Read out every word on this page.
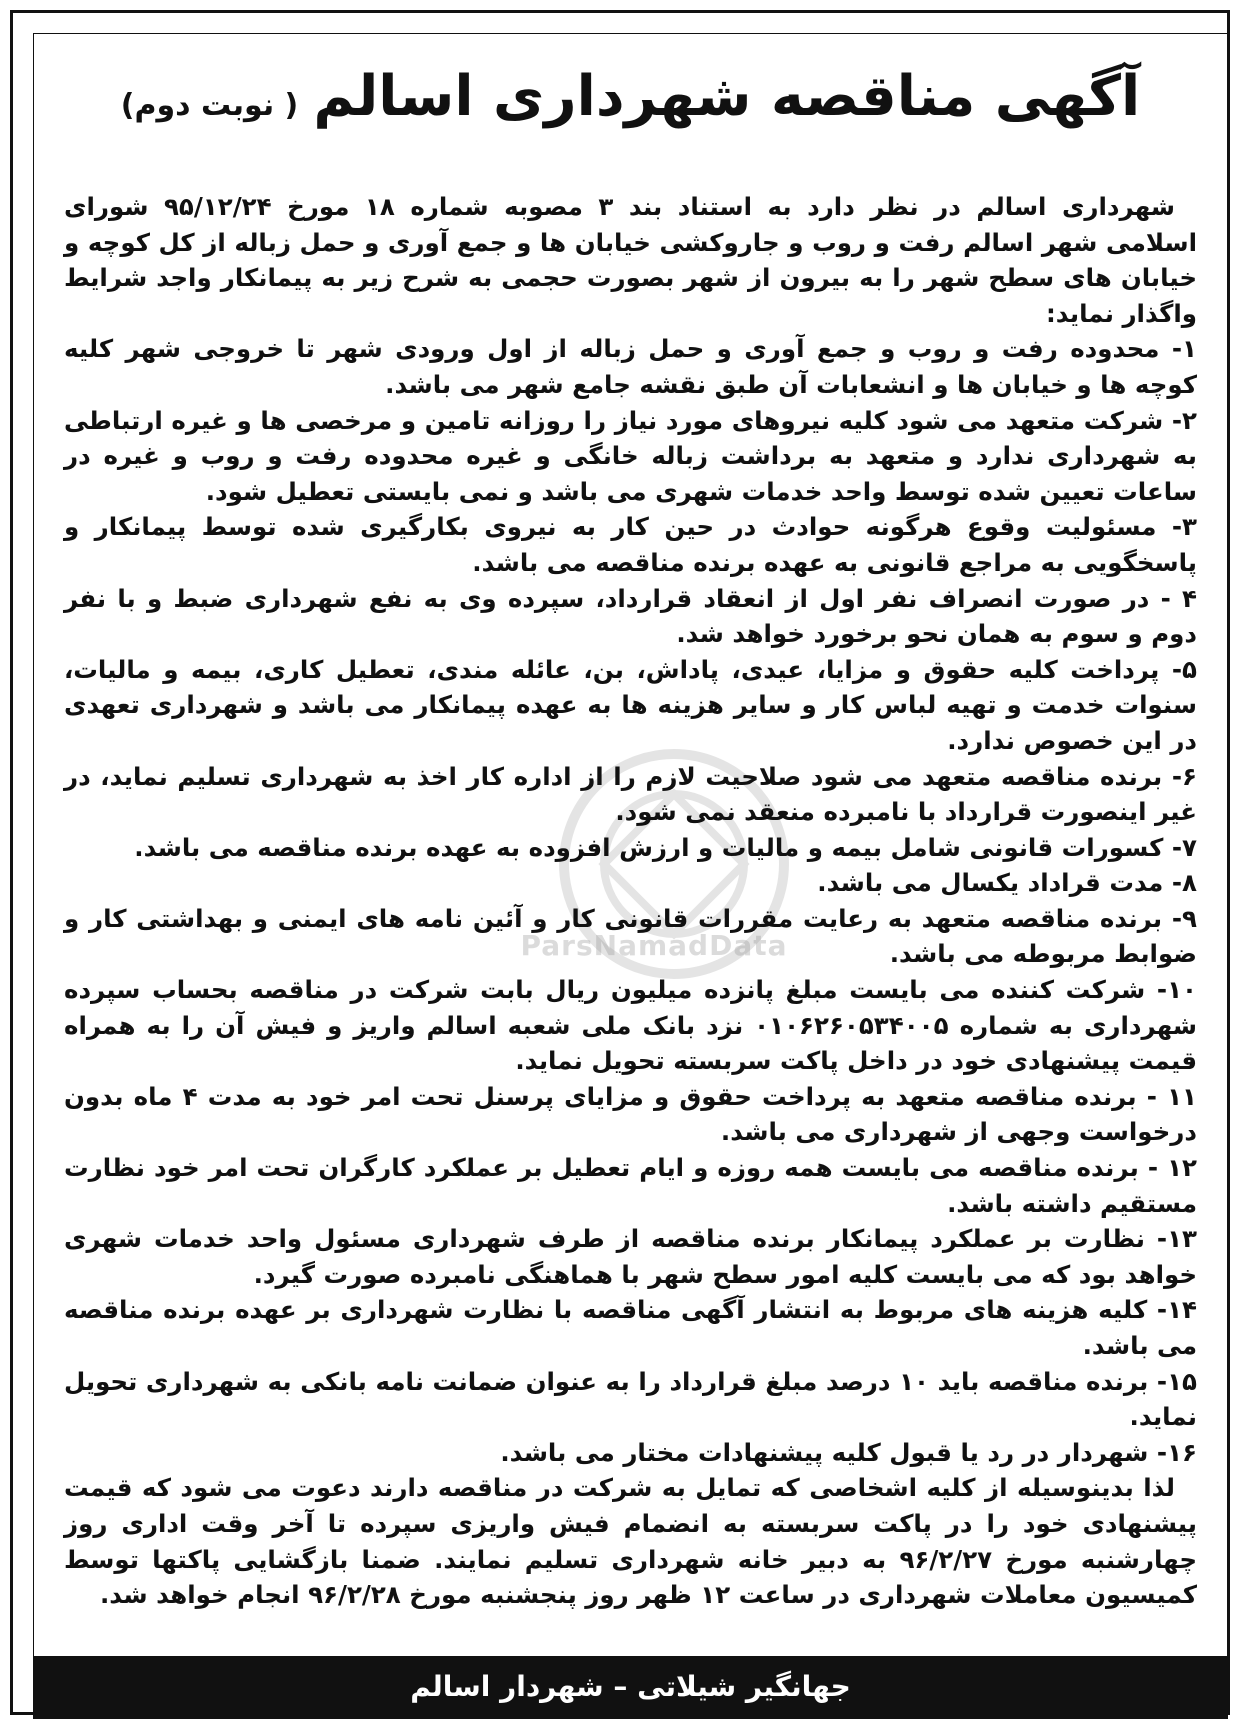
آگهی مناقصه شهرداری اسالم ( نوبت دوم)
ParsNamadData

شهرداری اسالم در نظر دارد به استناد بند ۳ مصوبه شماره ۱۸ مورخ ۹۵/۱۲/۲۴ شورای اسلامی شهر اسالم رفت و روب و جاروکشی خیابان ها و جمع آوری و حمل زباله از کل کوچه و خیابان های سطح شهر را به بیرون از شهر بصورت حجمی به شرح زیر به پیمانکار واجد شرایط واگذار نماید:

۱- محدوده رفت و روب و جمع آوری و حمل زباله از اول ورودی شهر تا خروجی شهر کلیه کوچه ها و خیابان ها و انشعابات آن طبق نقشه جامع شهر می باشد.

۲- شرکت متعهد می شود کلیه نیروهای مورد نیاز را روزانه تامین و مرخصی ها و غیره ارتباطی به شهرداری ندارد و متعهد به برداشت زباله خانگی و غیره محدوده رفت و روب و غیره در ساعات تعیین شده توسط واحد خدمات شهری می باشد و نمی بایستی تعطیل شود.

۳- مسئولیت وقوع هرگونه حوادث در حین کار به نیروی بکارگیری شده توسط پیمانکار و پاسخگویی به مراجع قانونی به عهده برنده مناقصه می باشد.

۴ - در صورت انصراف نفر اول از انعقاد قرارداد، سپرده وی به نفع شهرداری ضبط و با نفر دوم و سوم به همان نحو برخورد خواهد شد.

۵- پرداخت کلیه حقوق و مزایا، عیدی، پاداش، بن، عائله مندی، تعطیل کاری، بیمه و مالیات، سنوات خدمت و تهیه لباس کار و سایر هزینه ها به عهده پیمانکار می باشد و شهرداری تعهدی در این خصوص ندارد.

۶- برنده مناقصه متعهد می شود صلاحیت لازم را از اداره کار اخذ به شهرداری تسلیم نماید، در غیر اینصورت قرارداد با نامبرده منعقد نمی شود.

۷- کسورات قانونی شامل بیمه و مالیات و ارزش افزوده به عهده برنده مناقصه می باشد.

۸- مدت قراداد یکسال می باشد.

۹- برنده مناقصه متعهد به رعایت مقررات قانونی کار و آئین نامه های ایمنی و بهداشتی کار و ضوابط مربوطه می باشد.

۱۰- شرکت کننده می بایست مبلغ پانزده میلیون ریال بابت شرکت در مناقصه بحساب سپرده شهرداری به شماره ۰۱۰۶۲۶۰۵۳۴۰۰۵ نزد بانک ملی شعبه اسالم واریز و فیش آن را به همراه قیمت پیشنهادی خود در داخل پاکت سربسته تحویل نماید.

۱۱ - برنده مناقصه متعهد به پرداخت حقوق و مزایای پرسنل تحت امر خود به مدت ۴ ماه بدون درخواست وجهی از شهرداری می باشد.

۱۲ - برنده مناقصه می بایست همه روزه و ایام تعطیل بر عملکرد کارگران تحت امر خود نظارت مستقیم داشته باشد.

۱۳- نظارت بر عملکرد پیمانکار برنده مناقصه از طرف شهرداری مسئول واحد خدمات شهری خواهد بود که می بایست کلیه امور سطح شهر با هماهنگی نامبرده صورت گیرد.

۱۴- کلیه هزینه های مربوط به انتشار آگهی مناقصه با نظارت شهرداری بر عهده برنده مناقصه می باشد.

۱۵- برنده مناقصه باید ۱۰ درصد مبلغ قرارداد را به عنوان ضمانت نامه بانکی به شهرداری تحویل نماید.

۱۶- شهردار در رد یا قبول کلیه پیشنهادات مختار می باشد.

لذا بدینوسیله از کلیه اشخاصی که تمایل به شرکت در مناقصه دارند دعوت می شود که قیمت پیشنهادی خود را در پاکت سربسته به انضمام فیش واریزی سپرده تا آخر وقت اداری روز چهارشنبه مورخ ۹۶/۲/۲۷ به دبیر خانه شهرداری تسلیم نمایند. ضمنا بازگشایی پاکتها توسط کمیسیون معاملات شهرداری در ساعت ۱۲ ظهر روز پنجشنبه مورخ ۹۶/۲/۲۸ انجام خواهد شد.

جهانگیر شیلاتی – شهردار اسالم
